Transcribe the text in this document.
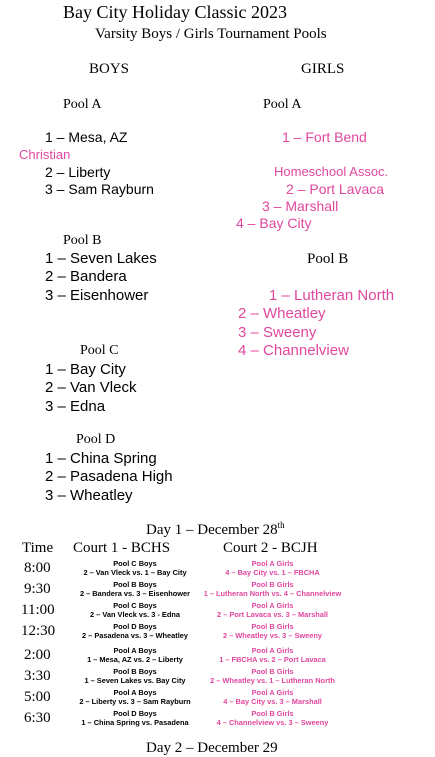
Bay City Holiday Classic 2023
Varsity Boys / Girls Tournament Pools
BOYS	GIRLS
Pool A
1 – Mesa, AZ
Christian
2 – Liberty
3 – Sam Rayburn
Pool A
1 – Fort Bend
Homeschool Assoc.
2 – Port Lavaca
3 – Marshall
4 – Bay City
Pool B
1 – Seven Lakes
2 – Bandera
3 – Eisenhower
Pool B
1 – Lutheran North
2 – Wheatley
3 – Sweeny
4 – Channelview
Pool C
1 – Bay City
2 – Van Vleck
3 – Edna
Pool D
1 – China Spring
2 – Pasadena High
3 – Wheatley
Day 1 – December 28th
Time Court 1 - BCHS	Court 2 - BCJH
8:00	Pool C Boys
2 – Van Vleck vs. 1 – Bay City
Pool A Girls
4 – Bay City vs. 1 – FBCHA
9:30	Pool B Boys
2 – Bandera vs. 3 – Eisenhower
Pool B Girls
1 – Lutheran North vs. 4 – Channelview
11:00	Pool C Boys
2 – Van Vleck vs. 3 - Edna
Pool A Girls
2 – Port Lavaca vs. 3 – Marshall
12:30	Pool D Boys
2 – Pasadena vs. 3 – Wheatley
Pool B Girls
2 – Wheatley vs. 3 – Sweeny
2:00	Pool A Boys
1 – Mesa, AZ vs. 2 – Liberty
Pool A Girls
1 – FBCHA vs. 2 – Port Lavaca
3:30	Pool B Boys
1 – Seven Lakes vs. Bay City
Pool B Girls
2 – Wheatley vs. 1 – Lutheran North
5:00	Pool A Boys
2 – Liberty vs. 3 – Sam Rayburn
Pool A Girls
4 – Bay City vs. 3 – Marshall
6:30	Pool D Boys
1 – China Spring vs. Pasadena
Pool B Girls
4 – Channelview vs. 3 – Sweeny
Day 2 – December 29
